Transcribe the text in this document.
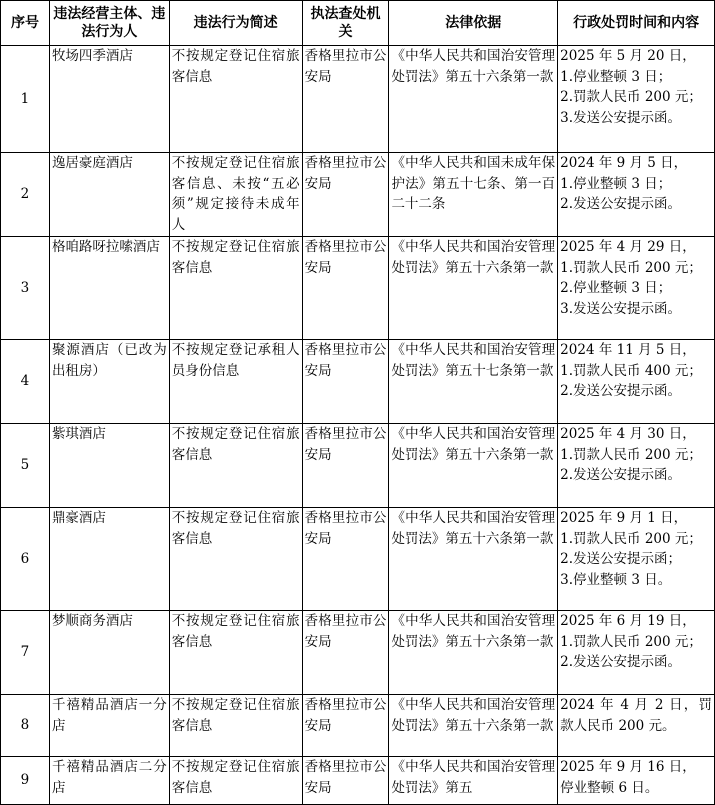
序号	违法经营主体、违法行为人	违法行为简述	执法查处机关	法律依据	行政处罚时间和内容
1	牧场四季酒店	不按规定登记住宿旅客信息	香格里拉市公安局	《中华人民共和国治安管理处罚法》第五十六条第一款	2025 年 5 月 20 日，
1.停业整顿 3 日；
2.罚款人民币 200 元；
3.发送公安提示函。

2	逸居豪庭酒店	不按规定登记住宿旅客信息、未按“五必须”规定接待未成年人	香格里拉市公安局	《中华人民共和国未成年保护法》第五十七条、第一百二十二条	2024 年 9 月 5 日，
1.停业整顿 3 日；
2.发送公安提示函。

3	格咱路呀拉嗦酒店	不按规定登记住宿旅客信息	香格里拉市公安局	《中华人民共和国治安管理处罚法》第五十六条第一款	2025 年 4 月 29 日，
1.罚款人民币 200 元；
2.停业整顿 3 日；
3.发送公安提示函。

4	聚源酒店（已改为出租房）	不按规定登记承租人员身份信息	香格里拉市公安局	《中华人民共和国治安管理处罚法》第五十七条第一款	2024 年 11 月 5 日，
1.罚款人民币 400 元；
2.发送公安提示函。

5	紫琪酒店	不按规定登记住宿旅客信息	香格里拉市公安局	《中华人民共和国治安管理处罚法》第五十六条第一款	2025 年 4 月 30 日，
1.罚款人民币 200 元；
2.发送公安提示函。

6	鼎豪酒店	不按规定登记住宿旅客信息	香格里拉市公安局	《中华人民共和国治安管理处罚法》第五十六条第一款	2025 年 9 月 1 日，
1.罚款人民币 200 元；
2.发送公安提示函；
3.停业整顿 3 日。

7	梦顺商务酒店	不按规定登记住宿旅客信息	香格里拉市公安局	《中华人民共和国治安管理处罚法》第五十六条第一款	2025 年 6 月 19 日，
1.罚款人民币 200 元；
2.发送公安提示函。

8	千禧精品酒店一分店	不按规定登记住宿旅客信息	香格里拉市公安局	《中华人民共和国治安管理处罚法》第五十六条第一款	2024 年 4 月 2 日，罚款人民币 200 元。

9	千禧精品酒店二分店	不按规定登记住宿旅客信息	香格里拉市公安局	《中华人民共和国治安管理处罚法》第五	2025 年 9 月 16 日，
停业整顿 6 日。
